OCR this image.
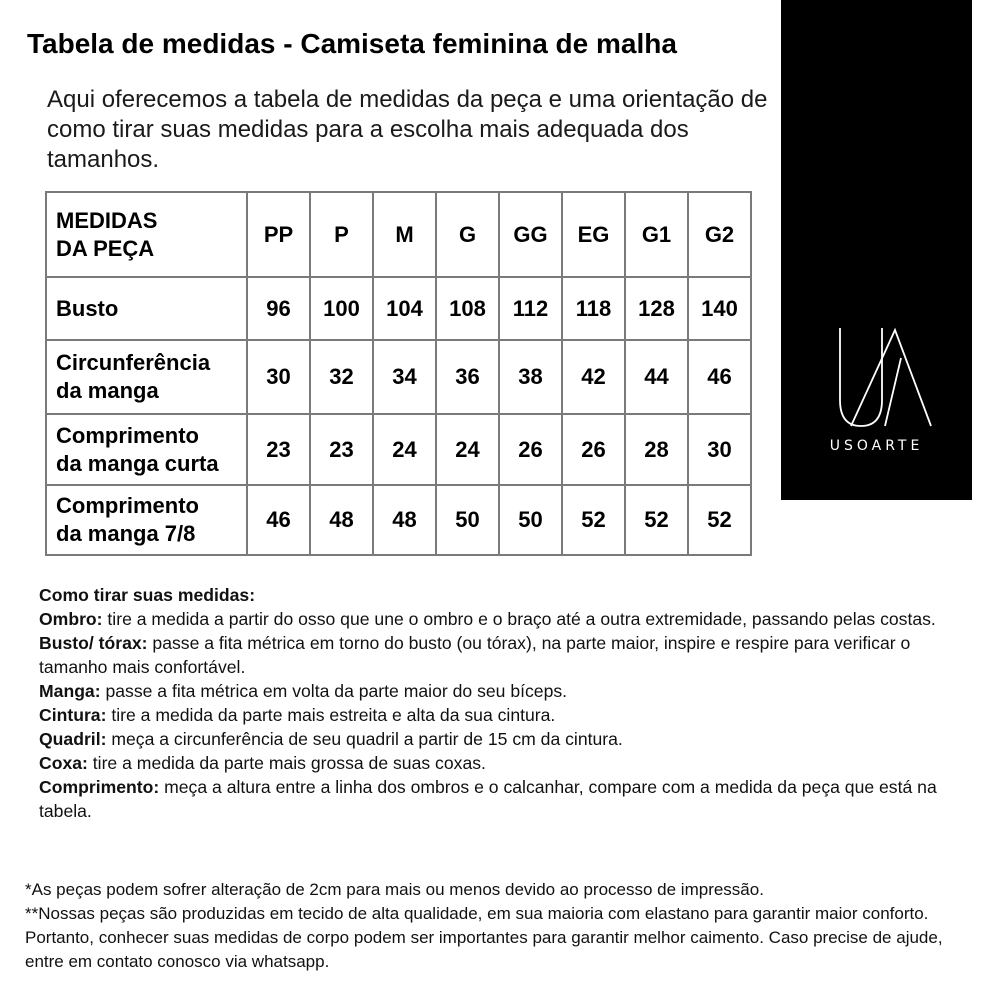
Tabela de medidas - Camiseta feminina de malha

Aqui oferecemos a tabela de medidas da peça e uma orientação de como tirar suas medidas para a escolha mais adequada dos tamanhos.

USOARTE
MEDIDAS
DA PEÇA	PP	P	M	G	GG	EG	G1	G2
Busto	96	100	104	108	112	118	128	140
Circunferência
da manga	30	32	34	36	38	42	44	46
Comprimento
da manga curta	23	23	24	24	26	26	28	30
Comprimento
da manga 7/8	46	48	48	50	50	52	52	52

Como tirar suas medidas:

Ombro: tire a medida a partir do osso que une o ombro e o braço até a outra extremidade, passando pelas costas.

Busto/ tórax: passe a fita métrica em torno do busto (ou tórax), na parte maior, inspire e respire para verificar o tamanho mais confortável.

Manga: passe a fita métrica em volta da parte maior do seu bíceps.

Cintura: tire a medida da parte mais estreita e alta da sua cintura.

Quadril: meça a circunferência de seu quadril a partir de 15 cm da cintura.

Coxa: tire a medida da parte mais grossa de suas coxas.

Comprimento: meça a altura entre a linha dos ombros e o calcanhar, compare com a medida da peça que está na tabela.

*As peças podem sofrer alteração de 2cm para mais ou menos devido ao processo de impressão.

**Nossas peças são produzidas em tecido de alta qualidade, em sua maioria com elastano para garantir maior conforto. Portanto, conhecer suas medidas de corpo podem ser importantes para garantir melhor caimento. Caso precise de ajude, entre em contato conosco via whatsapp.
